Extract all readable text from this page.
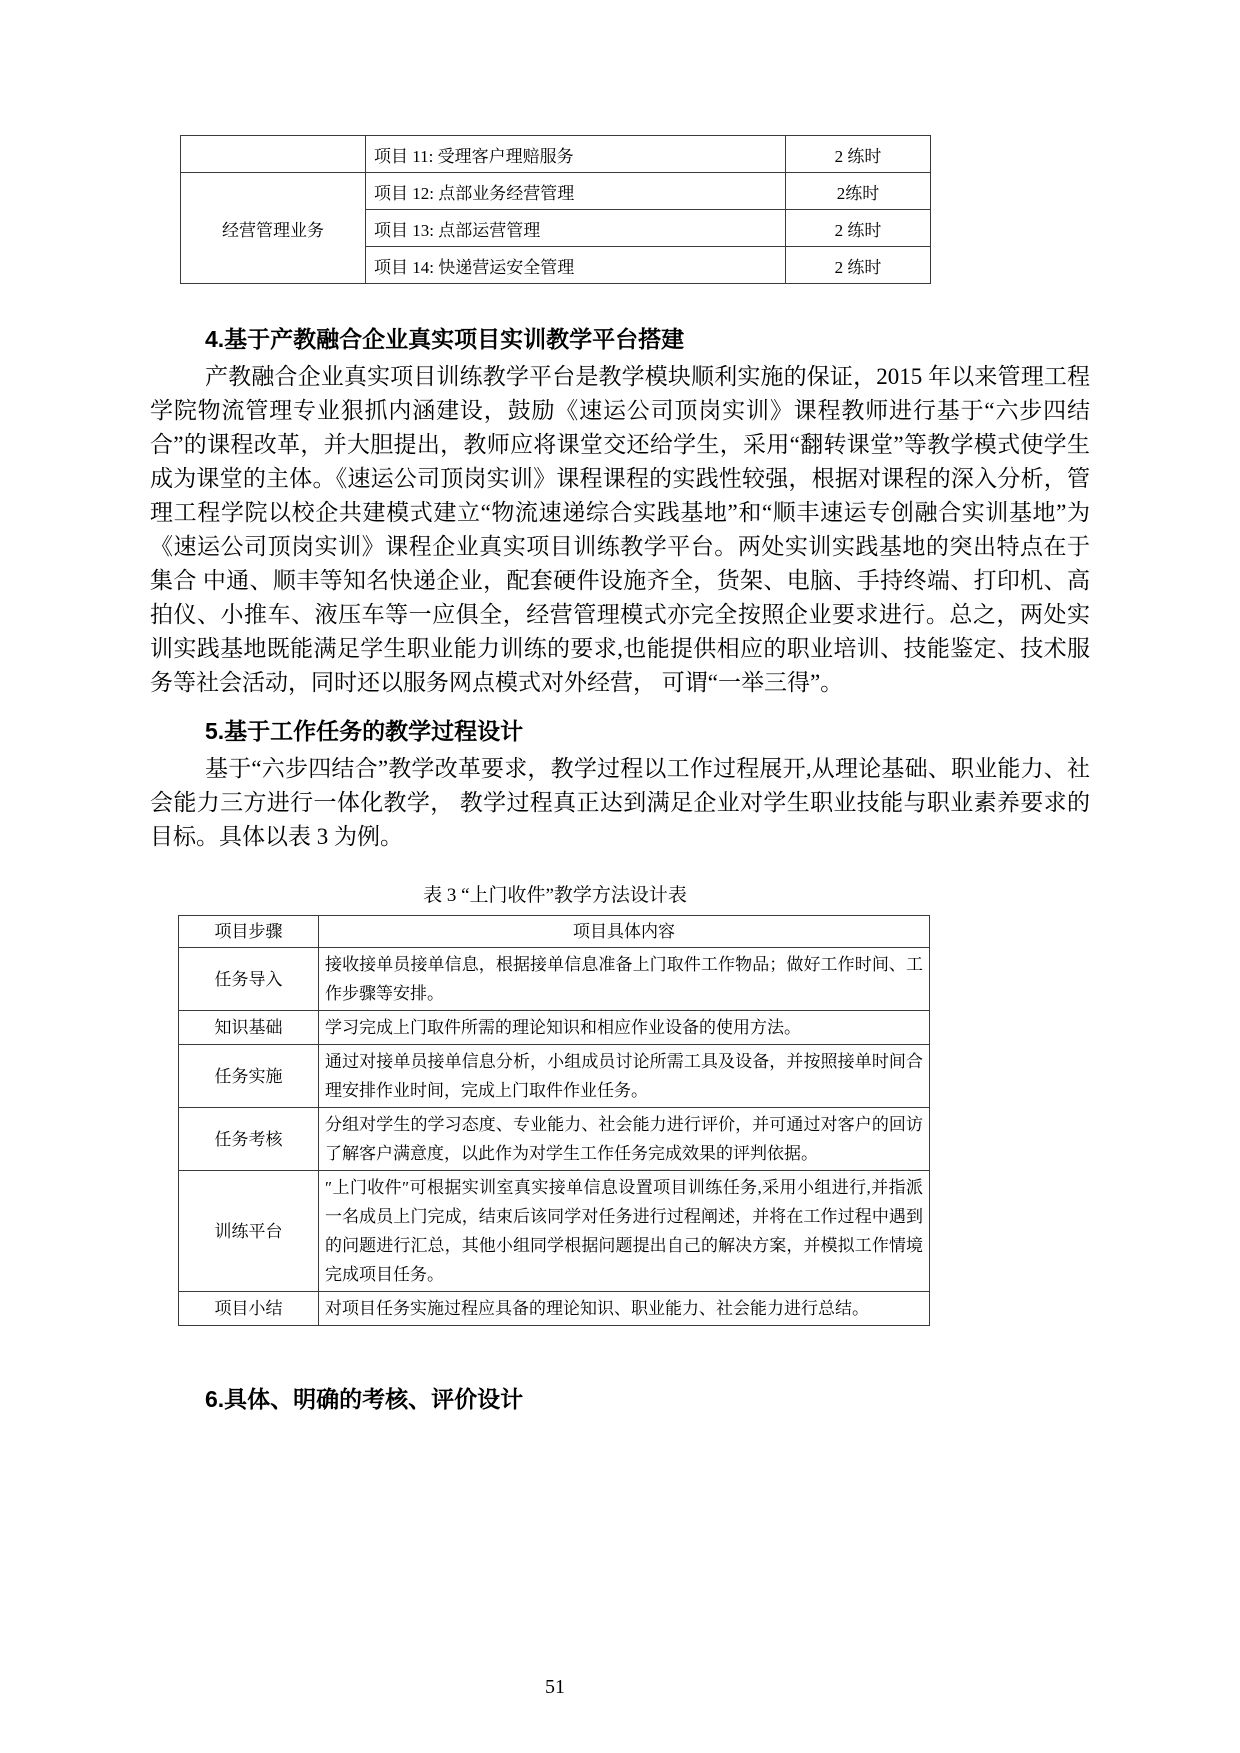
	项目 11: 受理客户理赔服务	2 练时
经营管理业务	项目 12: 点部业务经营管理	2练时
	项目 13: 点部运营管理	2 练时
	项目 14: 快递营运安全管理	2 练时
4.基于产教融合企业真实项目实训教学平台搭建

产教融合企业真实项目训练教学平台是教学模块顺利实施的保证，2015 年以来管理工程学院物流管理专业狠抓内涵建设，鼓励《速运公司顶岗实训》课程教师进行基于“六步四结合”的课程改革，并大胆提出，教师应将课堂交还给学生，采用“翻转课堂”等教学模式使学生成为课堂的主体。《速运公司顶岗实训》课程课程的实践性较强，根据对课程的深入分析，管理工程学院以校企共建模式建立“物流速递综合实践基地”和“顺丰速运专创融合实训基地”为《速运公司顶岗实训》课程企业真实项目训练教学平台。两处实训实践基地的突出特点在于集合 中通、顺丰等知名快递企业，配套硬件设施齐全，货架、电脑、手持终端、打印机、高拍仪、小推车、液压车等一应俱全，经营管理模式亦完全按照企业要求进行。总之，两处实训实践基地既能满足学生职业能力训练的要求,也能提供相应的职业培训、技能鉴定、技术服务等社会活动，同时还以服务网点模式对外经营， 可谓“一举三得”。

5.基于工作任务的教学过程设计

基于“六步四结合”教学改革要求，教学过程以工作过程展开,从理论基础、职业能力、社会能力三方进行一体化教学， 教学过程真正达到满足企业对学生职业技能与职业素养要求的目标。具体以表 3 为例。

表 3 “上门收件”教学方法设计表
项目步骤	项目具体内容
任务导入	接收接单员接单信息，根据接单信息准备上门取件工作物品；做好工作时间、工作步骤等安排。
知识基础	学习完成上门取件所需的理论知识和相应作业设备的使用方法。
任务实施	通过对接单员接单信息分析，小组成员讨论所需工具及设备，并按照接单时间合理安排作业时间，完成上门取件作业任务。
任务考核	分组对学生的学习态度、专业能力、社会能力进行评价，并可通过对客户的回访了解客户满意度，以此作为对学生工作任务完成效果的评判依据。
训练平台	″上门收件″可根据实训室真实接单信息设置项目训练任务,采用小组进行,并指派一名成员上门完成，结束后该同学对任务进行过程阐述，并将在工作过程中遇到的问题进行汇总，其他小组同学根据问题提出自己的解决方案，并模拟工作情境完成项目任务。
项目小结	对项目任务实施过程应具备的理论知识、职业能力、社会能力进行总结。
6.具体、明确的考核、评价设计
51
